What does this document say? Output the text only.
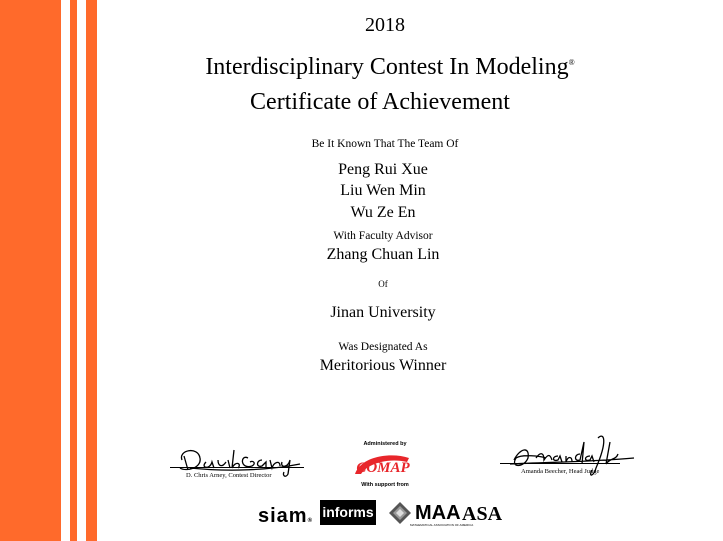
2018
Interdisciplinary Contest In Modeling®
Certificate of Achievement
Be It Known That The Team Of
Peng Rui Xue
Liu Wen Min
Wu Ze En
With Faculty Advisor
Zhang Chuan Lin
Of
Jinan University
Was Designated As
Meritorious Winner
D. Chris Arney, Contest Director
Amanda Beecher, Head Judge
Administered by
COMAP
With support from
siam®
informs MAA
MATHEMATICAL ASSOCIATION OF AMERICA
ASA
